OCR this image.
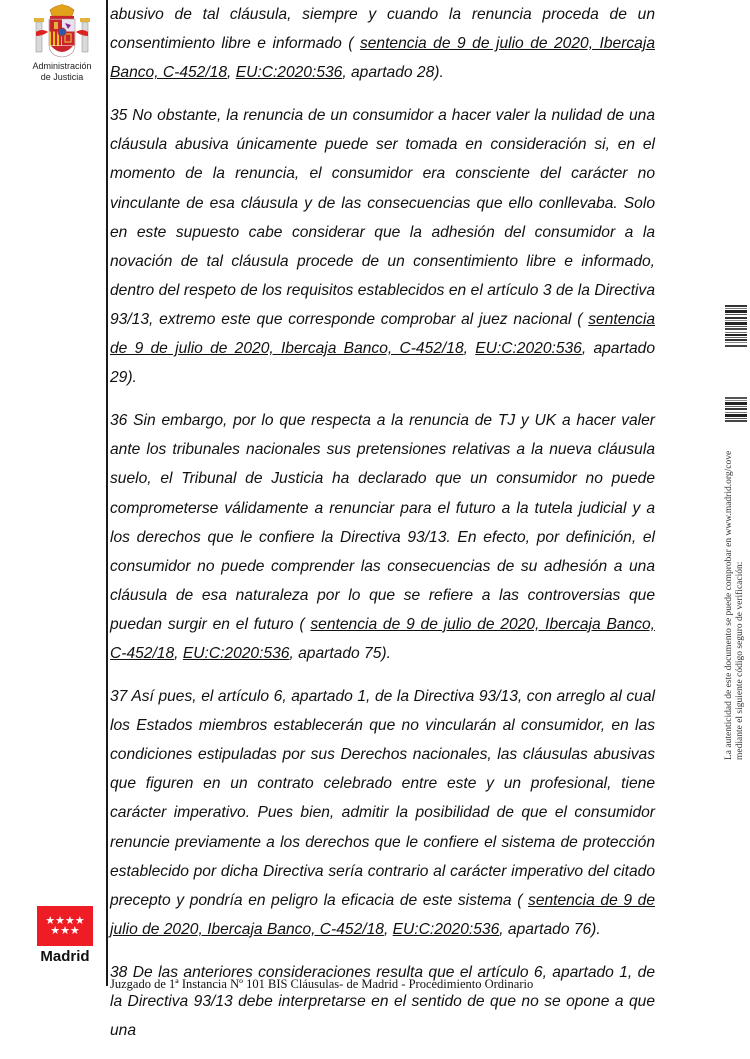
Administración
de Justicia

abusivo de tal cláusula, siempre y cuando la renuncia proceda de un consentimiento libre e informado ( sentencia de 9 de julio de 2020, Ibercaja Banco, C-452/18, EU:C:2020:536, apartado 28).

35 No obstante, la renuncia de un consumidor a hacer valer la nulidad de una cláusula abusiva únicamente puede ser tomada en consideración si, en el momento de la renuncia, el consumidor era consciente del carácter no vinculante de esa cláusula y de las consecuencias que ello conllevaba. Solo en este supuesto cabe considerar que la adhesión del consumidor a la novación de tal cláusula procede de un consentimiento libre e informado, dentro del respeto de los requisitos establecidos en el artículo 3 de la Directiva 93/13, extremo este que corresponde comprobar al juez nacional ( sentencia de 9 de julio de 2020, Ibercaja Banco, C-452/18, EU:C:2020:536, apartado 29).

36 Sin embargo, por lo que respecta a la renuncia de TJ y UK a hacer valer ante los tribunales nacionales sus pretensiones relativas a la nueva cláusula suelo, el Tribunal de Justicia ha declarado que un consumidor no puede comprometerse válidamente a renunciar para el futuro a la tutela judicial y a los derechos que le confiere la Directiva 93/13. En efecto, por definición, el consumidor no puede comprender las consecuencias de su adhesión a una cláusula de esa naturaleza por lo que se refiere a las controversias que puedan surgir en el futuro ( sentencia de 9 de julio de 2020, Ibercaja Banco, C-452/18, EU:C:2020:536, apartado 75).

37 Así pues, el artículo 6, apartado 1, de la Directiva 93/13, con arreglo al cual los Estados miembros establecerán que no vincularán al consumidor, en las condiciones estipuladas por sus Derechos nacionales, las cláusulas abusivas que figuren en un contrato celebrado entre este y un profesional, tiene carácter imperativo. Pues bien, admitir la posibilidad de que el consumidor renuncie previamente a los derechos que le confiere el sistema de protección establecido por dicha Directiva sería contrario al carácter imperativo del citado precepto y pondría en peligro la eficacia de este sistema ( sentencia de 9 de julio de 2020, Ibercaja Banco, C-452/18, EU:C:2020:536, apartado 76).

38 De las anteriores consideraciones resulta que el artículo 6, apartado 1, de la Directiva 93/13 debe interpretarse en el sentido de que no se opone a que una

★★★★
★★★
Madrid
La autenticidad de este documento se puede comprobar en www.madrid.org/cove mediante el siguiente código seguro de verificación:
Juzgado de 1ª Instancia Nº 101 BIS Cláusulas- de Madrid - Procedimiento Ordinario
